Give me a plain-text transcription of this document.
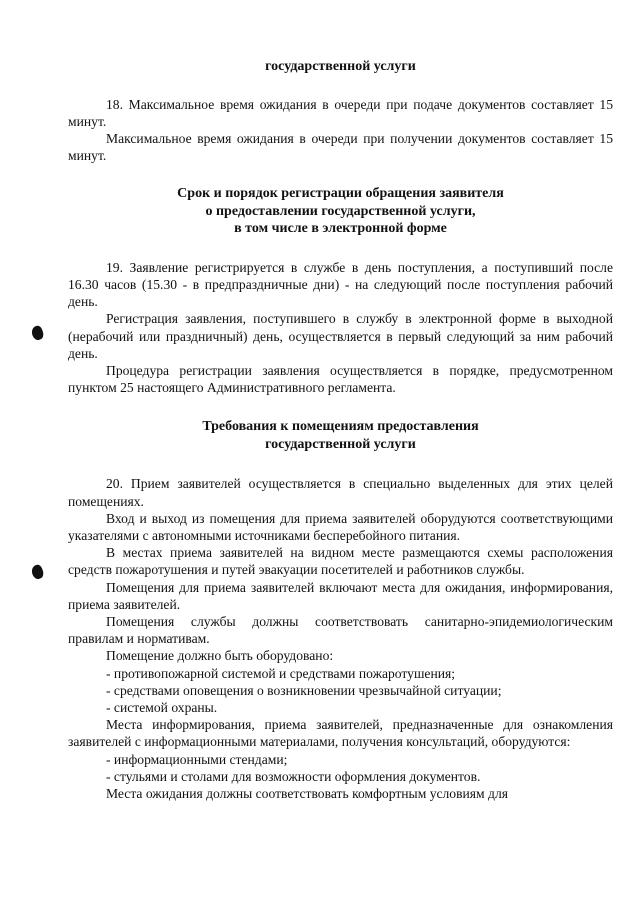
государственной услуги

18. Максимальное время ожидания в очереди при подаче документов составляет 15 минут.

Максимальное время ожидания в очереди при получении документов составляет 15 минут.

Срок и порядок регистрации обращения заявителя
о предоставлении государственной услуги,
в том числе в электронной форме

19. Заявление регистрируется в службе в день поступления, а поступивший после 16.30 часов (15.30 - в предпраздничные дни) - на следующий после поступления рабочий день.

Регистрация заявления, поступившего в службу в электронной форме в выходной (нерабочий или праздничный) день, осуществляется в первый следующий за ним рабочий день.

Процедура регистрации заявления осуществляется в порядке, предусмотренном пунктом 25 настоящего Административного регламента.

Требования к помещениям предоставления
государственной услуги

20. Прием заявителей осуществляется в специально выделенных для этих целей помещениях.

Вход и выход из помещения для приема заявителей оборудуются соответствующими указателями с автономными источниками бесперебойного питания.

В местах приема заявителей на видном месте размещаются схемы расположения средств пожаротушения и путей эвакуации посетителей и работников службы.

Помещения для приема заявителей включают места для ожидания, информирования, приема заявителей.

Помещения службы должны соответствовать санитарно-эпидемиологическим правилам и нормативам.

Помещение должно быть оборудовано:

- противопожарной системой и средствами пожаротушения;

- средствами оповещения о возникновении чрезвычайной ситуации;

- системой охраны.

Места информирования, приема заявителей, предназначенные для ознакомления заявителей с информационными материалами, получения консультаций, оборудуются:

- информационными стендами;

- стульями и столами для возможности оформления документов.

Места ожидания должны соответствовать комфортным условиям для
